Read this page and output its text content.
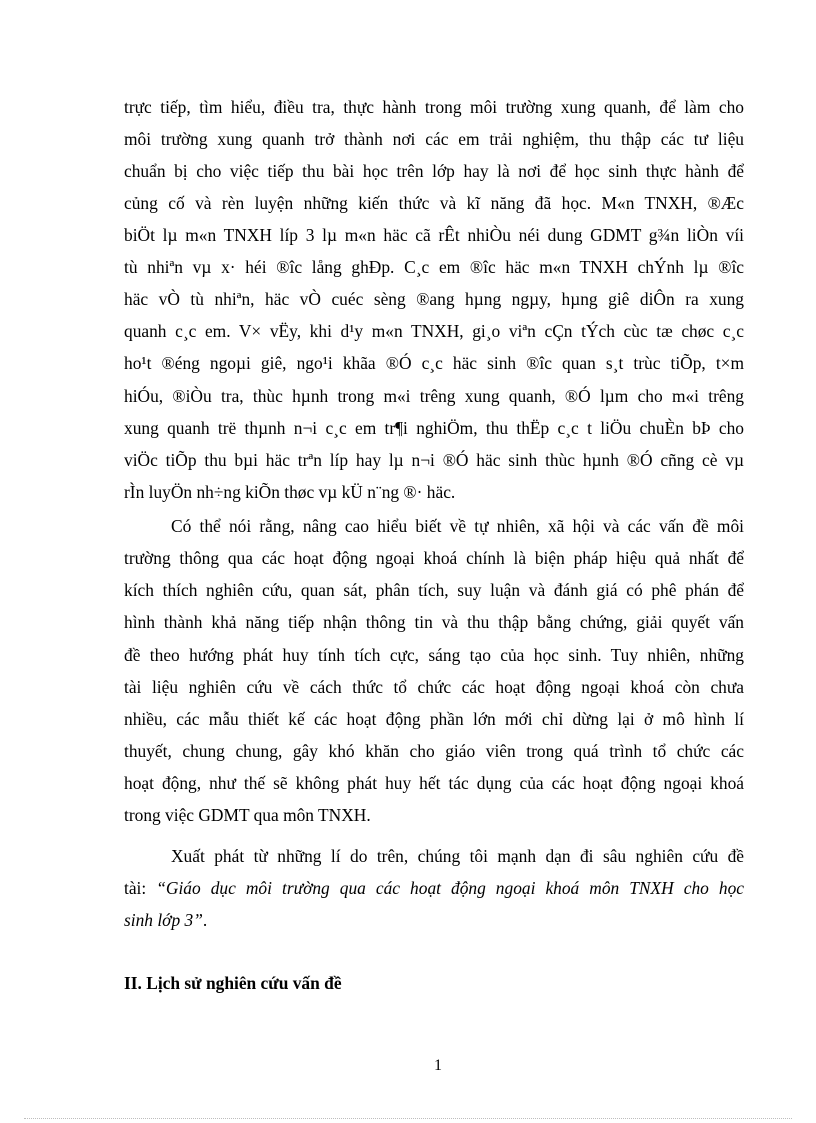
trực tiếp, tìm hiểu, điều tra, thực hành trong môi trường xung quanh, để làm cho
môi trường xung quanh trở thành nơi các em trải nghiệm, thu thập các tư liệu
chuẩn bị cho việc tiếp thu bài học trên lớp hay là nơi để học sinh thực hành để
củng cố và rèn luyện những kiến thức và kĩ năng đã học. M«n TNXH, ®Æc
biÖt lµ m«n TNXH líp 3 lµ m«n häc cã rÊt nhiÒu néi dung GDMT g¾n liÒn víi
tù nhiªn vµ x· héi ®îc lång ghÐp. C¸c em ®îc häc m«n TNXH chÝnh lµ ®îc
häc vÒ tù nhiªn, häc vÒ cuéc sèng ®ang hµng ngµy, hµng giê diÔn ra xung
quanh c¸c em. V× vËy, khi d¹y m«n TNXH, gi¸o viªn cÇn tÝch cùc tæ chøc c¸c
ho¹t ®éng ngoµi giê, ngo¹i khãa ®Ó c¸c häc sinh ®îc quan s¸t trùc tiÕp, t×m
hiÓu, ®iÒu tra, thùc hµnh trong m«i trêng xung quanh, ®Ó lµm cho m«i trêng
xung quanh trë thµnh n¬i c¸c em tr¶i nghiÖm, thu thËp c¸c t liÖu chuÈn bÞ cho
viÖc tiÕp thu bµi häc trªn líp hay lµ n¬i ®Ó häc sinh thùc hµnh ®Ó cñng cè vµ
rÌn luyÖn nh÷ng kiÕn thøc vµ kÜ n¨ng ®· häc.
Có thể nói rằng, nâng cao hiểu biết về tự nhiên, xã hội và các vấn đề môi
trường thông qua các hoạt động ngoại khoá chính là biện pháp hiệu quả nhất để
kích thích nghiên cứu, quan sát, phân tích, suy luận và đánh giá có phê phán để
hình thành khả năng tiếp nhận thông tin và thu thập bằng chứng, giải quyết vấn
đề theo hướng phát huy tính tích cực, sáng tạo của học sinh. Tuy nhiên, những
tài liệu nghiên cứu về cách thức tổ chức các hoạt động ngoại khoá còn chưa
nhiều, các mẫu thiết kế các hoạt động phần lớn mới chỉ dừng lại ở mô hình lí
thuyết, chung chung, gây khó khăn cho giáo viên trong quá trình tổ chức các
hoạt động, như thế sẽ không phát huy hết tác dụng của các hoạt động ngoại khoá
trong việc GDMT qua môn TNXH.
Xuất phát từ những lí do trên, chúng tôi mạnh dạn đi sâu nghiên cứu đề
tài: “Giáo dục môi trường qua các hoạt động ngoại khoá môn TNXH cho học
sinh lớp 3”.
II. Lịch sử nghiên cứu vấn đề
1
